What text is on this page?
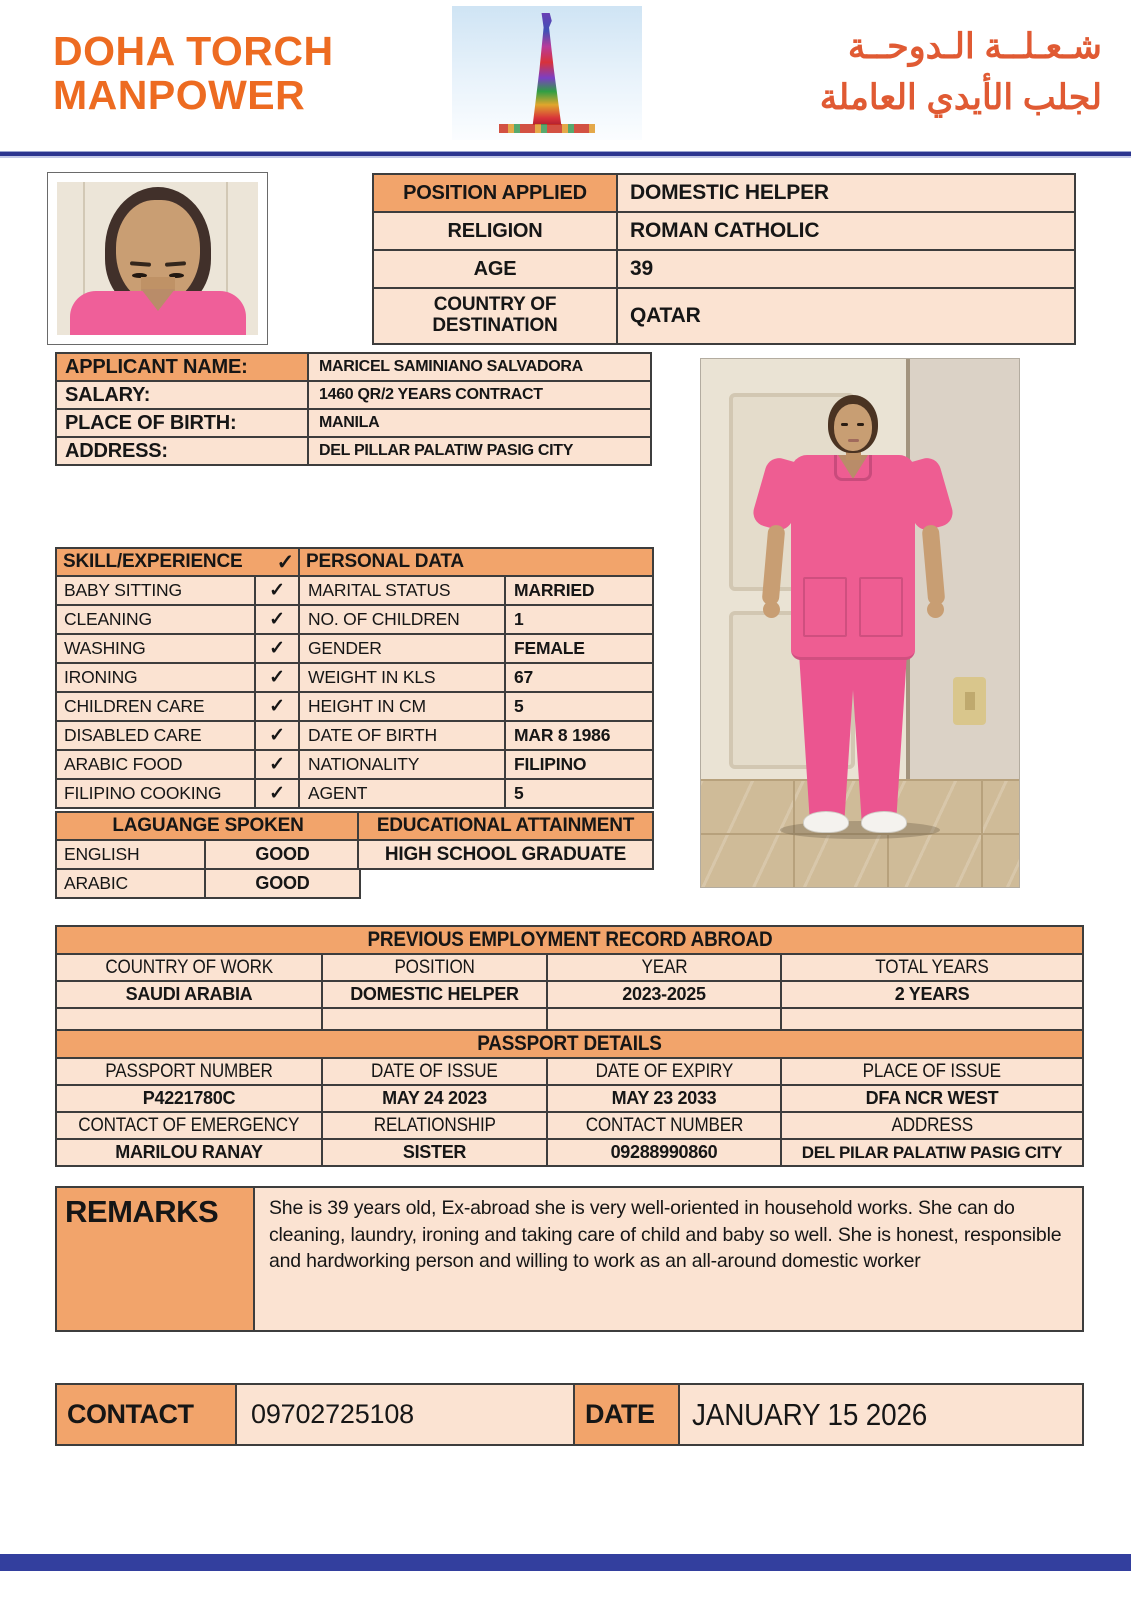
DOHA TORCH
MANPOWER
شـعـلــة الـدوحــة
لجلب الأيدي العاملة
POSITION APPLIED	DOMESTIC HELPER
RELIGION	ROMAN CATHOLIC
AGE	39
COUNTRY OF DESTINATION	QATAR
APPLICANT NAME:	MARICEL SAMINIANO SALVADORA
SALARY:	1460 QR/2 YEARS CONTRACT
PLACE OF BIRTH:	MANILA
ADDRESS:	DEL PILLAR PALATIW PASIG CITY
SKILL/EXPERIENCE ✓ PERSONAL DATA
BABY SITTING	✓	MARITAL STATUS	MARRIED
CLEANING	✓	NO. OF CHILDREN	1
WASHING	✓	GENDER	FEMALE
IRONING	✓	WEIGHT IN KLS	67
CHILDREN CARE	✓	HEIGHT IN CM	5
DISABLED CARE	✓	DATE OF BIRTH	MAR 8 1986
ARABIC FOOD	✓	NATIONALITY	FILIPINO
FILIPINO COOKING	✓	AGENT	5
LAGUANGE SPOKEN
ENGLISH	GOOD
ARABIC	GOOD
EDUCATIONAL ATTAINMENT
HIGH SCHOOL GRADUATE
PREVIOUS EMPLOYMENT RECORD ABROAD
COUNTRY OF WORK	POSITION	YEAR	TOTAL YEARS
SAUDI ARABIA	DOMESTIC HELPER	2023-2025	2 YEARS
PASSPORT DETAILS
PASSPORT NUMBER	DATE OF ISSUE	DATE OF EXPIRY	PLACE OF ISSUE
P4221780C	MAY 24 2023	MAY 23 2033	DFA NCR WEST
CONTACT OF EMERGENCY	RELATIONSHIP	CONTACT NUMBER	ADDRESS
MARILOU RANAY	SISTER	09288990860	DEL PILAR PALATIW PASIG CITY
REMARKS	She is 39 years old, Ex-abroad she is very well-oriented in household works. She can do cleaning, laundry, ironing and taking care of child and baby so well. She is honest, responsible and hardworking person and willing to work as an all-around domestic worker
CONTACT	09702725108	DATE	JANUARY 15 2026
